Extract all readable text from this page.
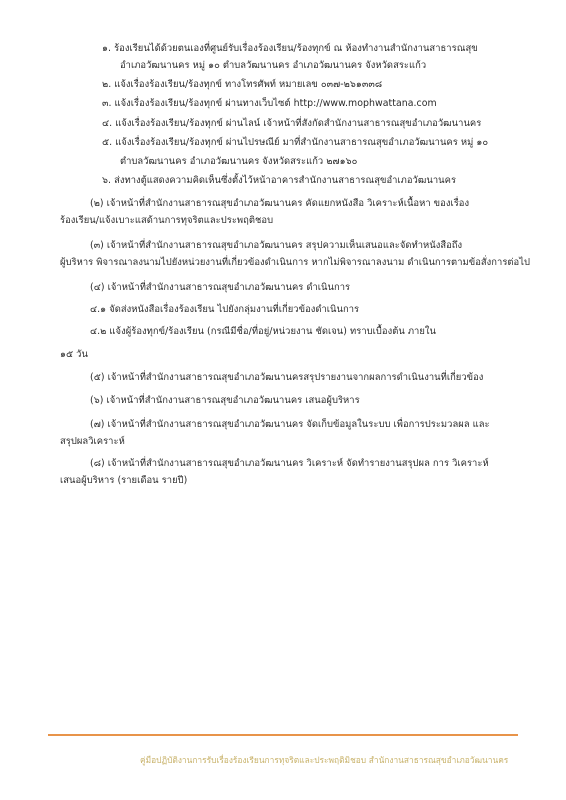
๑. ร้องเรียนได้ด้วยตนเองที่ศูนย์รับเรื่องร้องเรียน/ร้องทุกข์ ณ ห้องทำงานสำนักงานสาธารณสุข
อำเภอวัฒนานคร หมู่ ๑๐ ตำบลวัฒนานคร อำเภอวัฒนานคร จังหวัดสระแก้ว
๒. แจ้งเรื่องร้องเรียน/ร้องทุกข์ ทางโทรศัพท์ หมายเลข ๐๓๗-๒๖๑๓๓๘
๓. แจ้งเรื่องร้องเรียน/ร้องทุกข์ ผ่านทางเว็บไซต์ http://www.mophwattana.com
๔. แจ้งเรื่องร้องเรียน/ร้องทุกข์ ผ่านไลน์ เจ้าหน้าที่สังกัดสำนักงานสาธารณสุขอำเภอวัฒนานคร
๕. แจ้งเรื่องร้องเรียน/ร้องทุกข์ ผ่านไปรษณีย์ มาที่สำนักงานสาธารณสุขอำเภอวัฒนานคร หมู่ ๑๐
ตำบลวัฒนานคร อำเภอวัฒนานคร จังหวัดสระแก้ว ๒๗๑๖๐
๖. ส่งทางตู้แสดงความคิดเห็นซึ่งตั้งไว้หน้าอาคารสำนักงานสาธารณสุขอำเภอวัฒนานคร
(๒) เจ้าหน้าที่สำนักงานสาธารณสุขอำเภอวัฒนานคร คัดแยกหนังสือ วิเคราะห์เนื้อหา ของเรื่อง
ร้องเรียน/แจ้งเบาะแสด้านการทุจริตและประพฤติชอบ
(๓) เจ้าหน้าที่สำนักงานสาธารณสุขอำเภอวัฒนานคร สรุปความเห็นเสนอและจัดทำหนังสือถึง
ผู้บริหาร พิจารณาลงนามไปยังหน่วยงานที่เกี่ยวข้องดำเนินการ หากไม่พิจารณาลงนาม ดำเนินการตามข้อสั่งการต่อไป
(๔) เจ้าหน้าที่สำนักงานสาธารณสุขอำเภอวัฒนานคร ดำเนินการ
๔.๑ จัดส่งหนังสือเรื่องร้องเรียน ไปยังกลุ่มงานที่เกี่ยวข้องดำเนินการ
๔.๒ แจ้งผู้ร้องทุกข์/ร้องเรียน (กรณีมีชื่อ/ที่อยู่/หน่วยงาน ชัดเจน) ทราบเบื้องต้น ภายใน
๑๕ วัน
(๕) เจ้าหน้าที่สำนักงานสาธารณสุขอำเภอวัฒนานครสรุปรายงานจากผลการดำเนินงานที่เกี่ยวข้อง
(๖) เจ้าหน้าที่สำนักงานสาธารณสุขอำเภอวัฒนานคร เสนอผู้บริหาร
(๗) เจ้าหน้าที่สำนักงานสาธารณสุขอำเภอวัฒนานคร จัดเก็บข้อมูลในระบบ เพื่อการประมวลผล และ
สรุปผลวิเคราะห์
(๘) เจ้าหน้าที่สำนักงานสาธารณสุขอำเภอวัฒนานคร วิเคราะห์ จัดทำรายงานสรุปผล การ วิเคราะห์
เสนอผู้บริหาร (รายเดือน รายปี)
คู่มือปฏิบัติงานการรับเรื่องร้องเรียนการทุจริตและประพฤติมิชอบ สำนักงานสาธารณสุขอำเภอวัฒนานคร
